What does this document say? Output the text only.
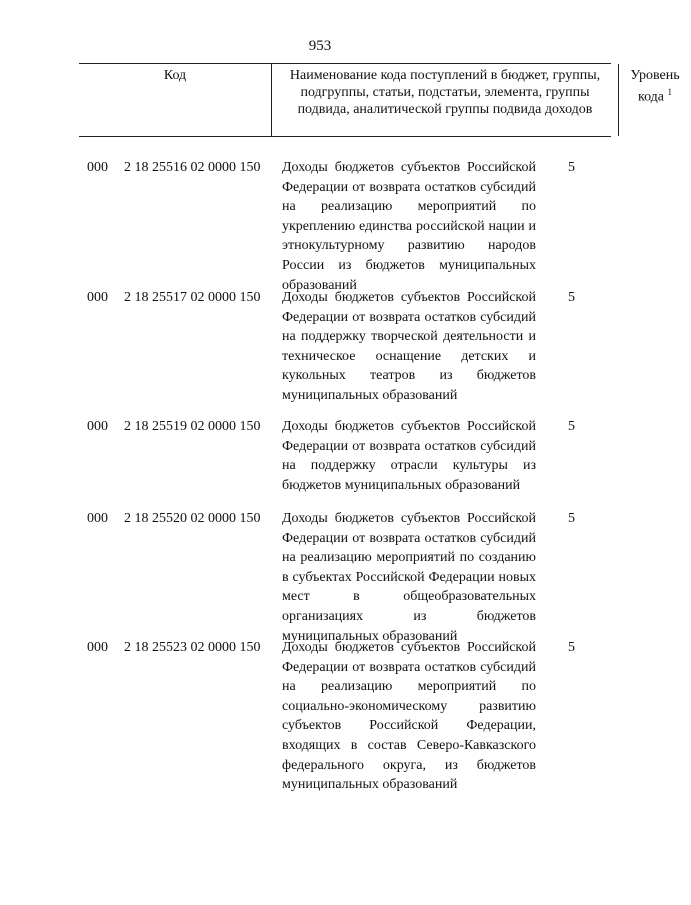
953
Код	Наименование кода поступлений в бюджет, группы, подгруппы, статьи, подстатьи, элемента, группы подвида, аналитической группы подвида доходов
Уровень кода $^1$
000 2 18 25516 02 0000 150 Доходы бюджетов субъектов Российской Федерации от возврата остатков субсидий на реализацию мероприятий по укреплению единства российской нации и этнокультурному развитию народов России из бюджетов муниципальных образований
5
000 2 18 25517 02 0000 150 Доходы бюджетов субъектов Российской Федерации от возврата остатков субсидий на поддержку творческой деятельности и техническое оснащение детских и кукольных театров из бюджетов муниципальных образований
5
000 2 18 25519 02 0000 150 Доходы бюджетов субъектов Российской Федерации от возврата остатков субсидий на поддержку отрасли культуры из бюджетов муниципальных образований
5
000 2 18 25520 02 0000 150 Доходы бюджетов субъектов Российской Федерации от возврата остатков субсидий на реализацию мероприятий по созданию в субъектах Российской Федерации новых мест в общеобразовательных организациях из бюджетов муниципальных образований
5
000 2 18 25523 02 0000 150 Доходы бюджетов субъектов Российской Федерации от возврата остатков субсидий на реализацию мероприятий по социально-экономическому развитию субъектов Российской Федерации, входящих в состав Северо-Кавказского федерального округа, из бюджетов муниципальных образований
5
